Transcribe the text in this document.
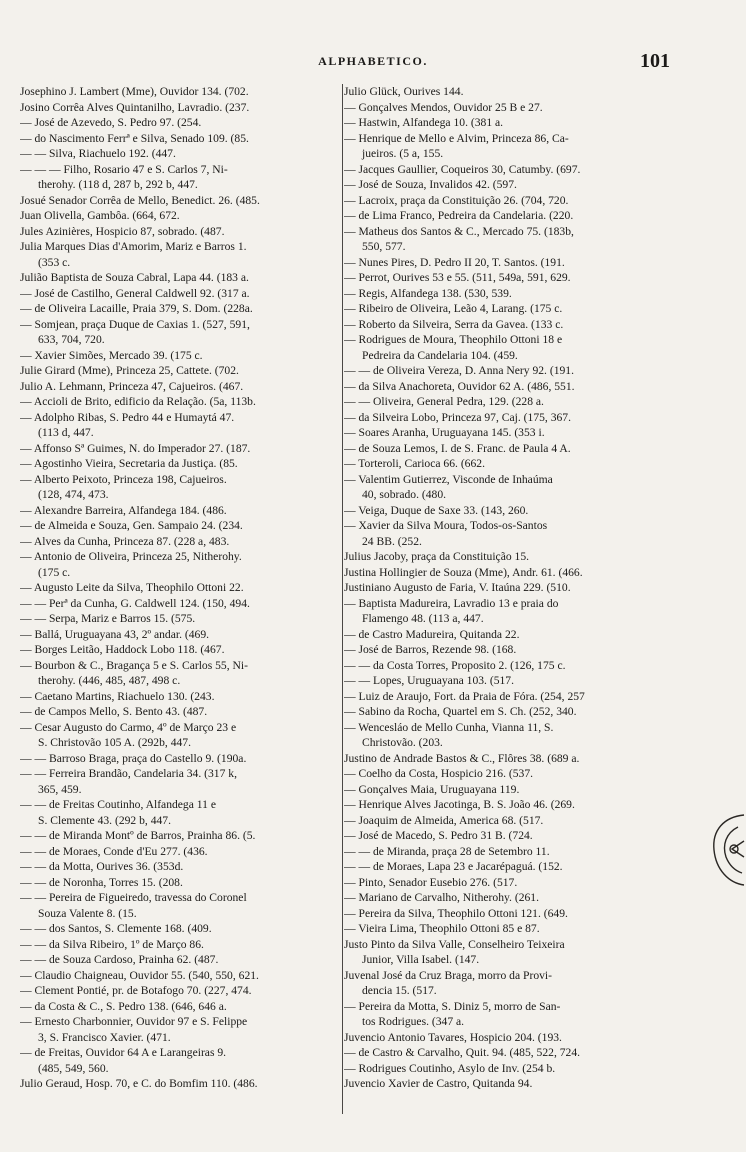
ALPHABETICO.	101
Josephino J. Lambert (Mme), Ouvidor 134. (702.
Josino Corrêa Alves Quintanilho, Lavradio. (237.
— José de Azevedo, S. Pedro 97. (254.
— do Nascimento Ferrª e Silva, Senado 109. (85.
— — Silva, Riachuelo 192. (447.
— — — Filho, Rosario 47 e S. Carlos 7, Ni-
therohy. (118 d, 287 b, 292 b, 447.
Josué Senador Corrêa de Mello, Benedict. 26. (485.
Juan Olivella, Gambôa. (664, 672.
Jules Azinières, Hospicio 87, sobrado. (487.
Julia Marques Dias d'Amorim, Mariz e Barros 1.
(353 c.
Julião Baptista de Souza Cabral, Lapa 44. (183 a.
— José de Castilho, General Caldwell 92. (317 a.
— de Oliveira Lacaille, Praia 379, S. Dom. (228a.
— Somjean, praça Duque de Caxias 1. (527, 591,
633, 704, 720.
— Xavier Simões, Mercado 39. (175 c.
Julie Girard (Mme), Princeza 25, Cattete. (702.
Julio A. Lehmann, Princeza 47, Cajueiros. (467.
— Accioli de Brito, edificio da Relação. (5a, 113b.
— Adolpho Ribas, S. Pedro 44 e Humaytá 47.
(113 d, 447.
— Affonso Sª Guimes, N. do Imperador 27. (187.
— Agostinho Vieira, Secretaria da Justiça. (85.
— Alberto Peixoto, Princeza 198, Cajueiros.
(128, 474, 473.
— Alexandre Barreira, Alfandega 184. (486.
— de Almeida e Souza, Gen. Sampaio 24. (234.
— Alves da Cunha, Princeza 87. (228 a, 483.
— Antonio de Oliveira, Princeza 25, Nitherohy.
(175 c.
— Augusto Leite da Silva, Theophilo Ottoni 22.
— — Perª da Cunha, G. Caldwell 124. (150, 494.
— — Serpa, Mariz e Barros 15. (575.
— Ballá, Uruguayana 43, 2º andar. (469.
— Borges Leitão, Haddock Lobo 118. (467.
— Bourbon & C., Bragança 5 e S. Carlos 55, Ni-
therohy. (446, 485, 487, 498 c.
— Caetano Martins, Riachuelo 130. (243.
— de Campos Mello, S. Bento 43. (487.
— Cesar Augusto do Carmo, 4º de Março 23 e
S. Christovão 105 A. (292b, 447.
— — Barroso Braga, praça do Castello 9. (190a.
— — Ferreira Brandão, Candelaria 34. (317 k,
365, 459.
— — de Freitas Coutinho, Alfandega 11 e
S. Clemente 43. (292 b, 447.
— — de Miranda Montº de Barros, Prainha 86. (5.
— — de Moraes, Conde d'Eu 277. (436.
— — da Motta, Ourives 36. (353d.
— — de Noronha, Torres 15. (208.
— — Pereira de Figueiredo, travessa do Coronel
Souza Valente 8. (15.
— — dos Santos, S. Clemente 168. (409.
— — da Silva Ribeiro, 1º de Março 86.
— — de Souza Cardoso, Prainha 62. (487.
— Claudio Chaigneau, Ouvidor 55. (540, 550, 621.
— Clement Pontié, pr. de Botafogo 70. (227, 474.
— da Costa & C., S. Pedro 138. (646, 646 a.
— Ernesto Charbonnier, Ouvidor 97 e S. Felippe
3, S. Francisco Xavier. (471.
— de Freitas, Ouvidor 64 A e Larangeiras 9.
(485, 549, 560.
Julio Geraud, Hosp. 70, e C. do Bomfim 110. (486.
Julio Glück, Ourives 144.
— Gonçalves Mendos, Ouvidor 25 B e 27.
— Hastwin, Alfandega 10. (381 a.
— Henrique de Mello e Alvim, Princeza 86, Ca-
jueiros. (5 a, 155.
— Jacques Gaullier, Coqueiros 30, Catumby. (697.
— José de Souza, Invalidos 42. (597.
— Lacroix, praça da Constituição 26. (704, 720.
— de Lima Franco, Pedreira da Candelaria. (220.
— Matheus dos Santos & C., Mercado 75. (183b,
550, 577.
— Nunes Pires, D. Pedro II 20, T. Santos. (191.
— Perrot, Ourives 53 e 55. (511, 549a, 591, 629.
— Regis, Alfandega 138. (530, 539.
— Ribeiro de Oliveira, Leão 4, Larang. (175 c.
— Roberto da Silveira, Serra da Gavea. (133 c.
— Rodrigues de Moura, Theophilo Ottoni 18 e
Pedreira da Candelaria 104. (459.
— — de Oliveira Vereza, D. Anna Nery 92. (191.
— da Silva Anachoreta, Ouvidor 62 A. (486, 551.
— — Oliveira, General Pedra, 129. (228 a.
— da Silveira Lobo, Princeza 97, Caj. (175, 367.
— Soares Aranha, Uruguayana 145. (353 i.
— de Souza Lemos, I. de S. Franc. de Paula 4 A.
— Torteroli, Carioca 66. (662.
— Valentim Gutierrez, Visconde de Inhaúma
40, sobrado. (480.
— Veiga, Duque de Saxe 33. (143, 260.
— Xavier da Silva Moura, Todos-os-Santos
24 BB. (252.
Julius Jacoby, praça da Constituição 15.
Justina Hollingier de Souza (Mme), Andr. 61. (466.
Justiniano Augusto de Faria, V. Itaúna 229. (510.
— Baptista Madureira, Lavradio 13 e praia do
Flamengo 48. (113 a, 447.
— de Castro Madureira, Quitanda 22.
— José de Barros, Rezende 98. (168.
— — da Costa Torres, Proposito 2. (126, 175 c.
— — Lopes, Uruguayana 103. (517.
— Luiz de Araujo, Fort. da Praia de Fóra. (254, 257
— Sabino da Rocha, Quartel em S. Ch. (252, 340.
— Wencesláo de Mello Cunha, Vianna 11, S.
Christovão. (203.
Justino de Andrade Bastos & C., Flôres 38. (689 a.
— Coelho da Costa, Hospicio 216. (537.
— Gonçalves Maia, Uruguayana 119.
— Henrique Alves Jacotinga, B. S. João 46. (269.
— Joaquim de Almeida, America 68. (517.
— José de Macedo, S. Pedro 31 B. (724.
— — de Miranda, praça 28 de Setembro 11.
— — de Moraes, Lapa 23 e Jacarépaguá. (152.
— Pinto, Senador Eusebio 276. (517.
— Mariano de Carvalho, Nitherohy. (261.
— Pereira da Silva, Theophilo Ottoni 121. (649.
— Vieira Lima, Theophilo Ottoni 85 e 87.
Justo Pinto da Silva Valle, Conselheiro Teixeira
Junior, Villa Isabel. (147.
Juvenal José da Cruz Braga, morro da Provi-
dencia 15. (517.
— Pereira da Motta, S. Diniz 5, morro de San-
tos Rodrigues. (347 a.
Juvencio Antonio Tavares, Hospicio 204. (193.
— de Castro & Carvalho, Quit. 94. (485, 522, 724.
— Rodrigues Coutinho, Asylo de Inv. (254 b.
Juvencio Xavier de Castro, Quitanda 94.
